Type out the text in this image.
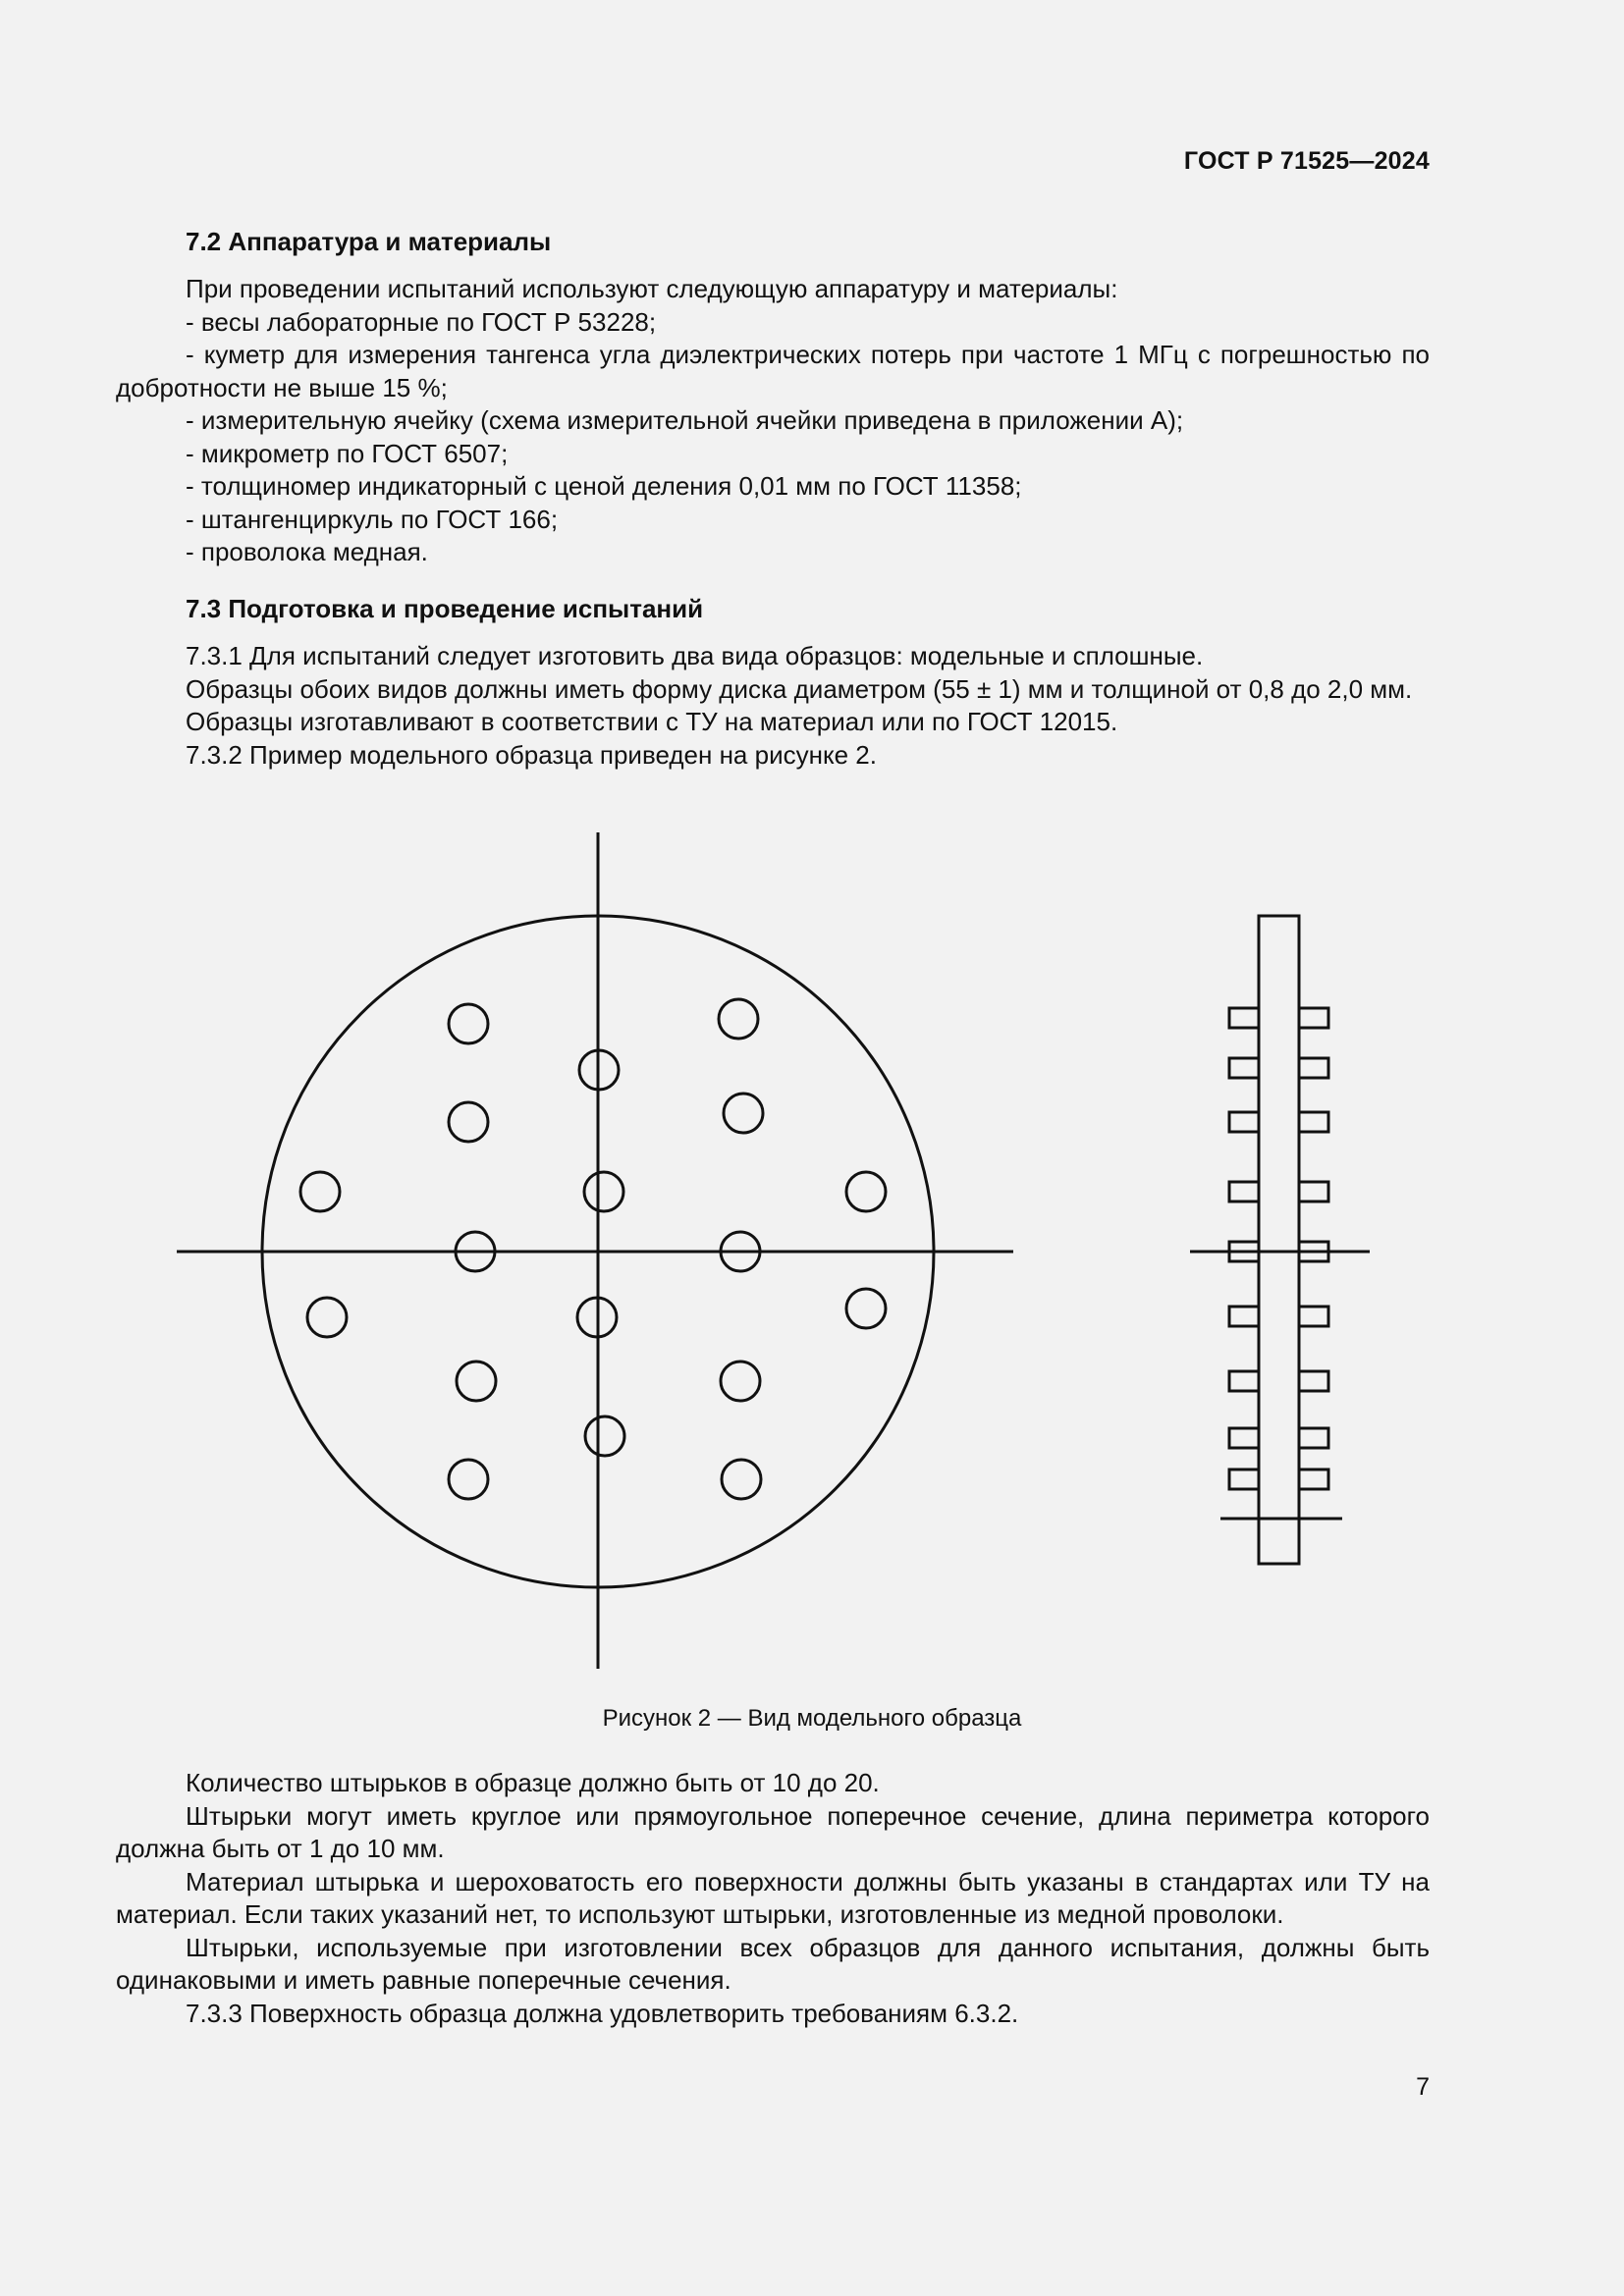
ГОСТ Р 71525—2024
7.2 Аппаратура и материалы

При проведении испытаний используют следующую аппаратуру и материалы:

- весы лабораторные по ГОСТ Р 53228;

- куметр для измерения тангенса угла диэлектрических потерь при частоте 1 МГц с погрешностью по добротности не выше 15 %;

- измерительную ячейку (схема измерительной ячейки приведена в приложении А);

- микрометр по ГОСТ 6507;

- толщиномер индикаторный с ценой деления 0,01 мм по ГОСТ 11358;

- штангенциркуль по ГОСТ 166;

- проволока медная.

7.3 Подготовка и проведение испытаний

7.3.1 Для испытаний следует изготовить два вида образцов: модельные и сплошные.

Образцы обоих видов должны иметь форму диска диаметром (55 ± 1) мм и толщиной от 0,8 до 2,0 мм.

Образцы изготавливают в соответствии с ТУ на материал или по ГОСТ 12015.

7.3.2 Пример модельного образца приведен на рисунке 2.

Рисунок 2 — Вид модельного образца

Количество штырьков в образце должно быть от 10 до 20.

Штырьки могут иметь круглое или прямоугольное поперечное сечение, длина периметра которого должна быть от 1 до 10 мм.

Материал штырька и шероховатость его поверхности должны быть указаны в стандартах или ТУ на материал. Если таких указаний нет, то используют штырьки, изготовленные из медной проволоки.

Штырьки, используемые при изготовлении всех образцов для данного испытания, должны быть одинаковыми и иметь равные поперечные сечения.

7.3.3 Поверхность образца должна удовлетворить требованиям 6.3.2.

7
